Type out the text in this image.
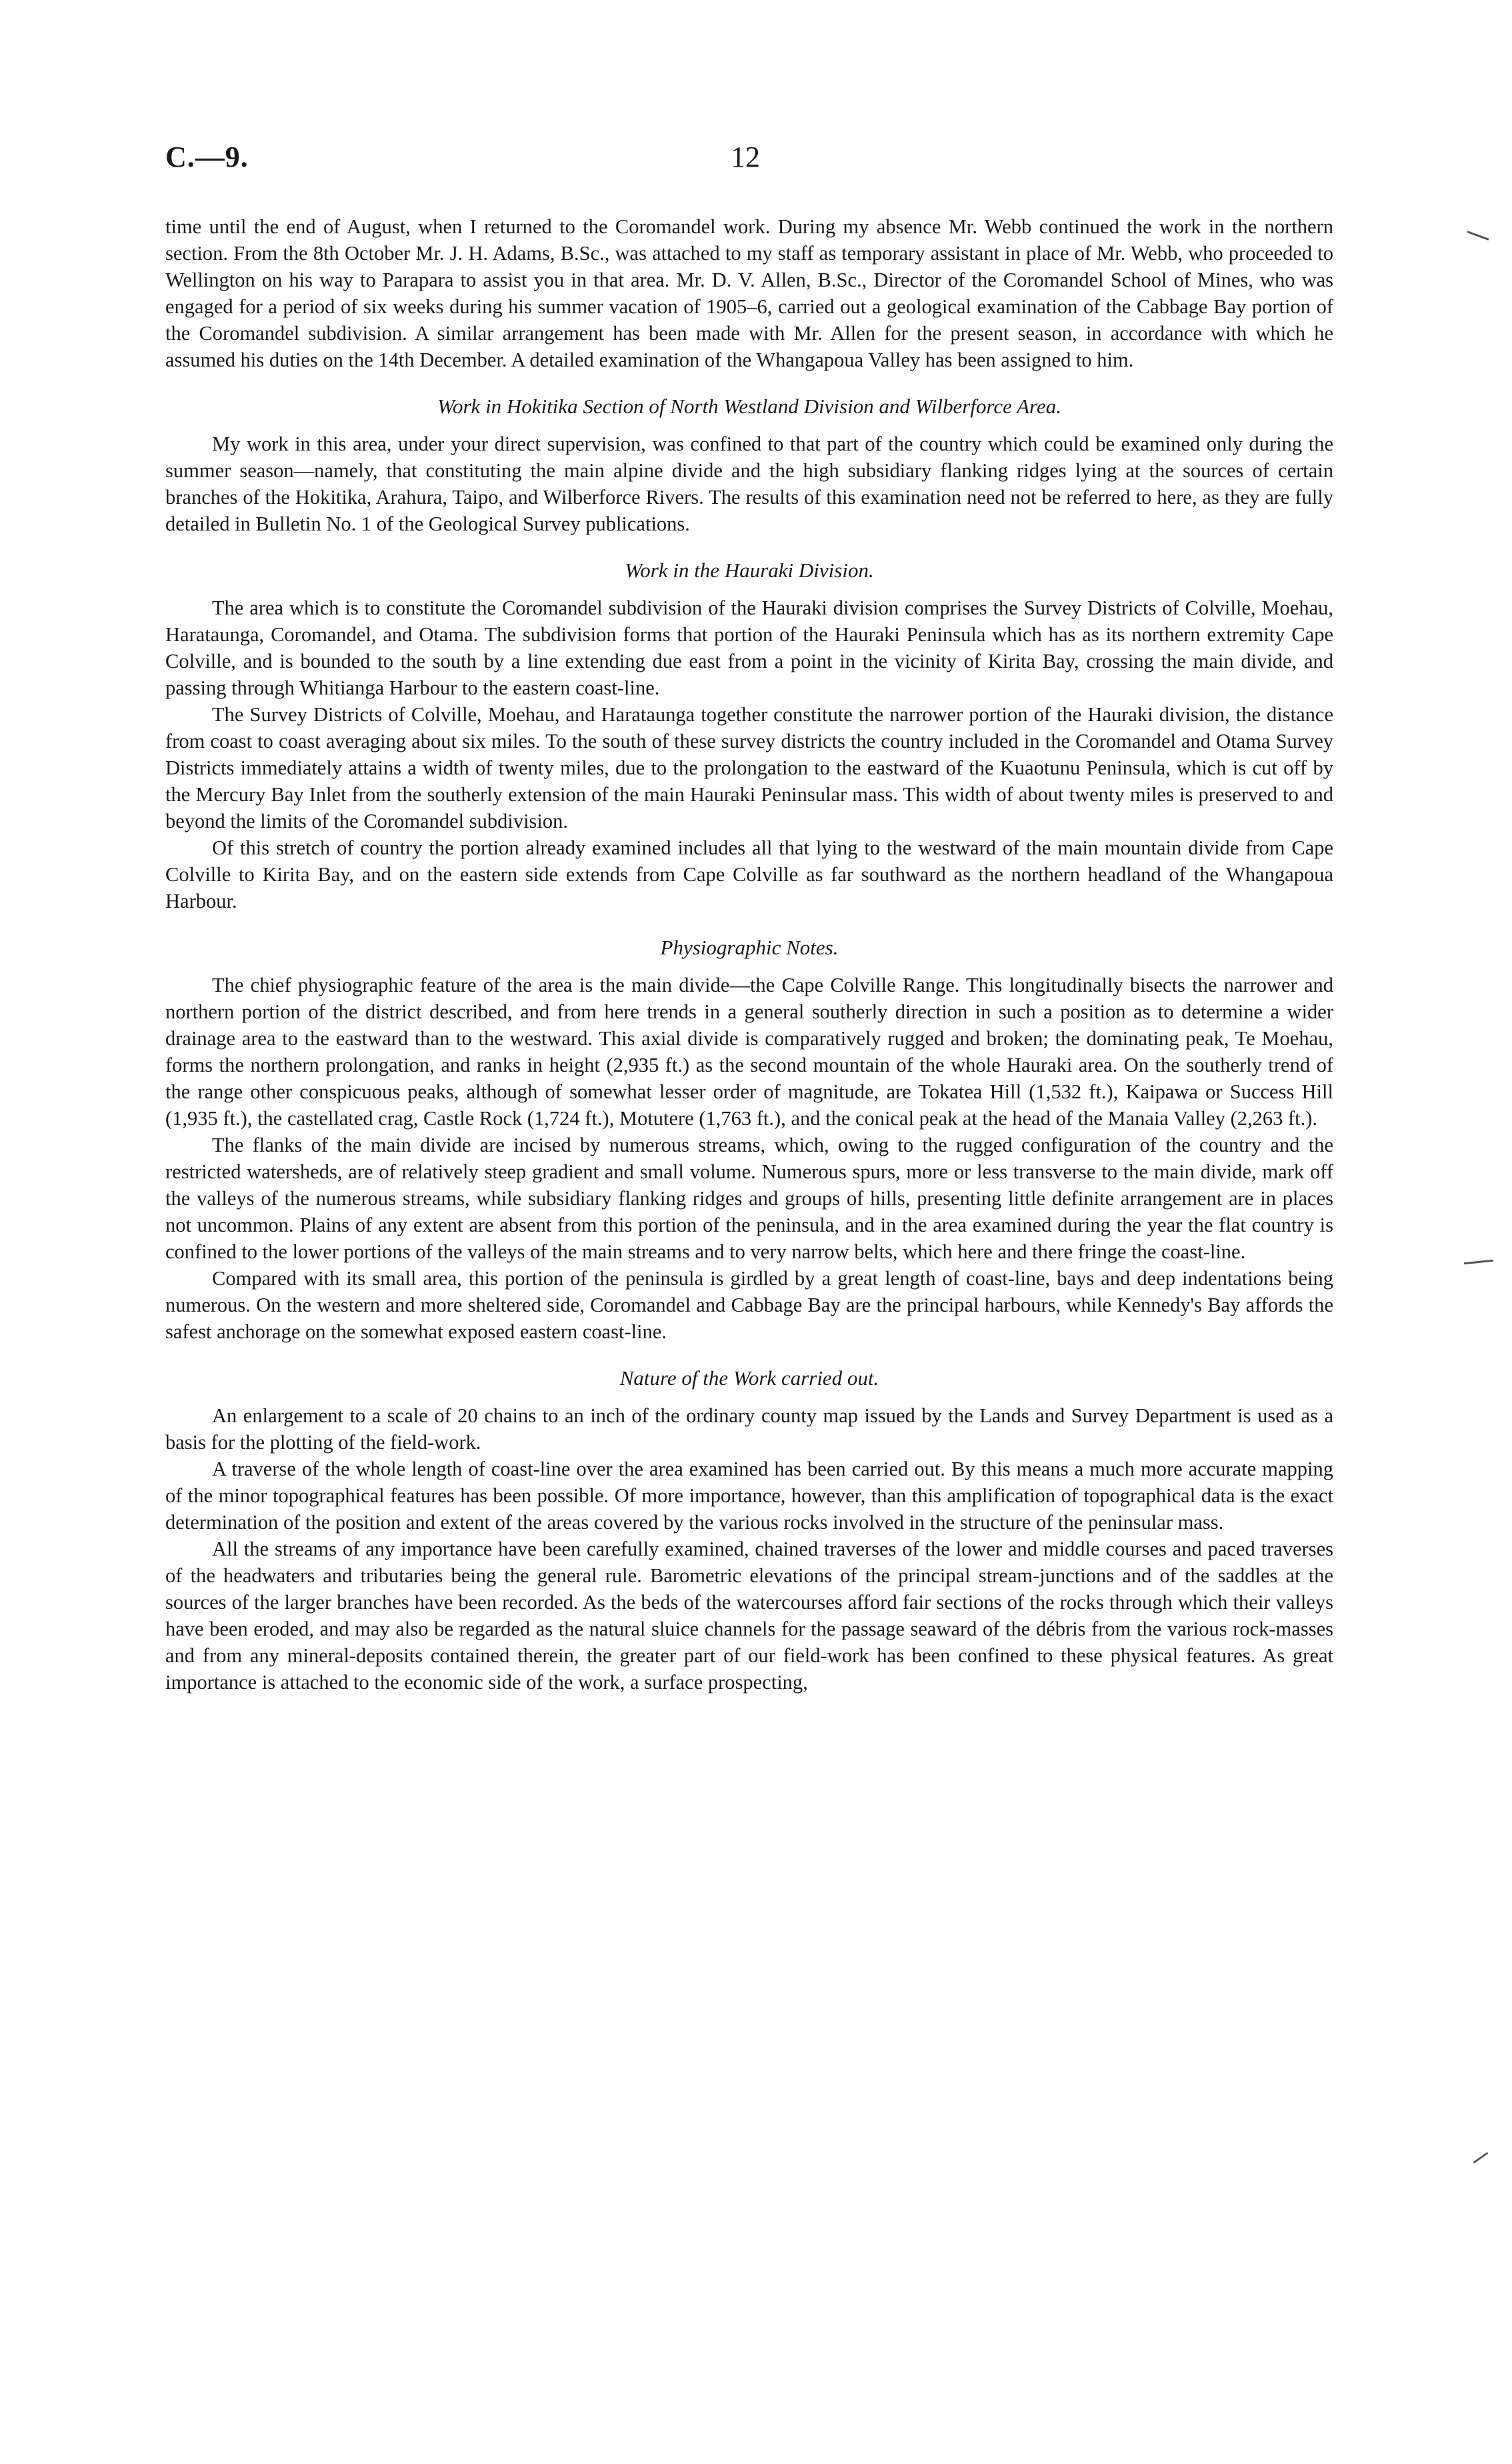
C.—9.	12

time until the end of August, when I returned to the Coromandel work. During my absence Mr. Webb continued the work in the northern section. From the 8th October Mr. J. H. Adams, B.Sc., was attached to my staff as temporary assistant in place of Mr. Webb, who proceeded to Wellington on his way to Parapara to assist you in that area. Mr. D. V. Allen, B.Sc., Director of the Coromandel School of Mines, who was engaged for a period of six weeks during his summer vacation of 1905–6, carried out a geological examination of the Cabbage Bay portion of the Coromandel subdivision. A similar arrangement has been made with Mr. Allen for the present season, in accordance with which he assumed his duties on the 14th December. A detailed examination of the Whangapoua Valley has been assigned to him.

Work in Hokitika Section of North Westland Division and Wilberforce Area.

My work in this area, under your direct supervision, was confined to that part of the country which could be examined only during the summer season—namely, that constituting the main alpine divide and the high subsidiary flanking ridges lying at the sources of certain branches of the Hokitika, Arahura, Taipo, and Wilberforce Rivers. The results of this examination need not be referred to here, as they are fully detailed in Bulletin No. 1 of the Geological Survey publications.

Work in the Hauraki Division.

The area which is to constitute the Coromandel subdivision of the Hauraki division comprises the Survey Districts of Colville, Moehau, Harataunga, Coromandel, and Otama. The subdivision forms that portion of the Hauraki Peninsula which has as its northern extremity Cape Colville, and is bounded to the south by a line extending due east from a point in the vicinity of Kirita Bay, crossing the main divide, and passing through Whitianga Harbour to the eastern coast-line.

The Survey Districts of Colville, Moehau, and Harataunga together constitute the narrower portion of the Hauraki division, the distance from coast to coast averaging about six miles. To the south of these survey districts the country included in the Coromandel and Otama Survey Districts immediately attains a width of twenty miles, due to the prolongation to the eastward of the Kuaotunu Peninsula, which is cut off by the Mercury Bay Inlet from the southerly extension of the main Hauraki Peninsular mass. This width of about twenty miles is preserved to and beyond the limits of the Coromandel subdivision.

Of this stretch of country the portion already examined includes all that lying to the westward of the main mountain divide from Cape Colville to Kirita Bay, and on the eastern side extends from Cape Colville as far southward as the northern headland of the Whangapoua Harbour.

Physiographic Notes.

The chief physiographic feature of the area is the main divide—the Cape Colville Range. This longitudinally bisects the narrower and northern portion of the district described, and from here trends in a general southerly direction in such a position as to determine a wider drainage area to the eastward than to the westward. This axial divide is comparatively rugged and broken; the dominating peak, Te Moehau, forms the northern prolongation, and ranks in height (2,935 ft.) as the second mountain of the whole Hauraki area. On the southerly trend of the range other conspicuous peaks, although of somewhat lesser order of magnitude, are Tokatea Hill (1,532 ft.), Kaipawa or Success Hill (1,935 ft.), the castellated crag, Castle Rock (1,724 ft.), Motutere (1,763 ft.), and the conical peak at the head of the Manaia Valley (2,263 ft.).

The flanks of the main divide are incised by numerous streams, which, owing to the rugged configuration of the country and the restricted watersheds, are of relatively steep gradient and small volume. Numerous spurs, more or less transverse to the main divide, mark off the valleys of the numerous streams, while subsidiary flanking ridges and groups of hills, presenting little definite arrangement are in places not uncommon. Plains of any extent are absent from this portion of the peninsula, and in the area examined during the year the flat country is confined to the lower portions of the valleys of the main streams and to very narrow belts, which here and there fringe the coast-line.

Compared with its small area, this portion of the peninsula is girdled by a great length of coast-line, bays and deep indentations being numerous. On the western and more sheltered side, Coromandel and Cabbage Bay are the principal harbours, while Kennedy's Bay affords the safest anchorage on the somewhat exposed eastern coast-line.

Nature of the Work carried out.

An enlargement to a scale of 20 chains to an inch of the ordinary county map issued by the Lands and Survey Department is used as a basis for the plotting of the field-work.

A traverse of the whole length of coast-line over the area examined has been carried out. By this means a much more accurate mapping of the minor topographical features has been possible. Of more importance, however, than this amplification of topographical data is the exact determination of the position and extent of the areas covered by the various rocks involved in the structure of the peninsular mass.

All the streams of any importance have been carefully examined, chained traverses of the lower and middle courses and paced traverses of the headwaters and tributaries being the general rule. Barometric elevations of the principal stream-junctions and of the saddles at the sources of the larger branches have been recorded. As the beds of the watercourses afford fair sections of the rocks through which their valleys have been eroded, and may also be regarded as the natural sluice channels for the passage seaward of the débris from the various rock-masses and from any mineral-deposits contained therein, the greater part of our field-work has been confined to these physical features. As great importance is attached to the economic side of the work, a surface prospecting,
